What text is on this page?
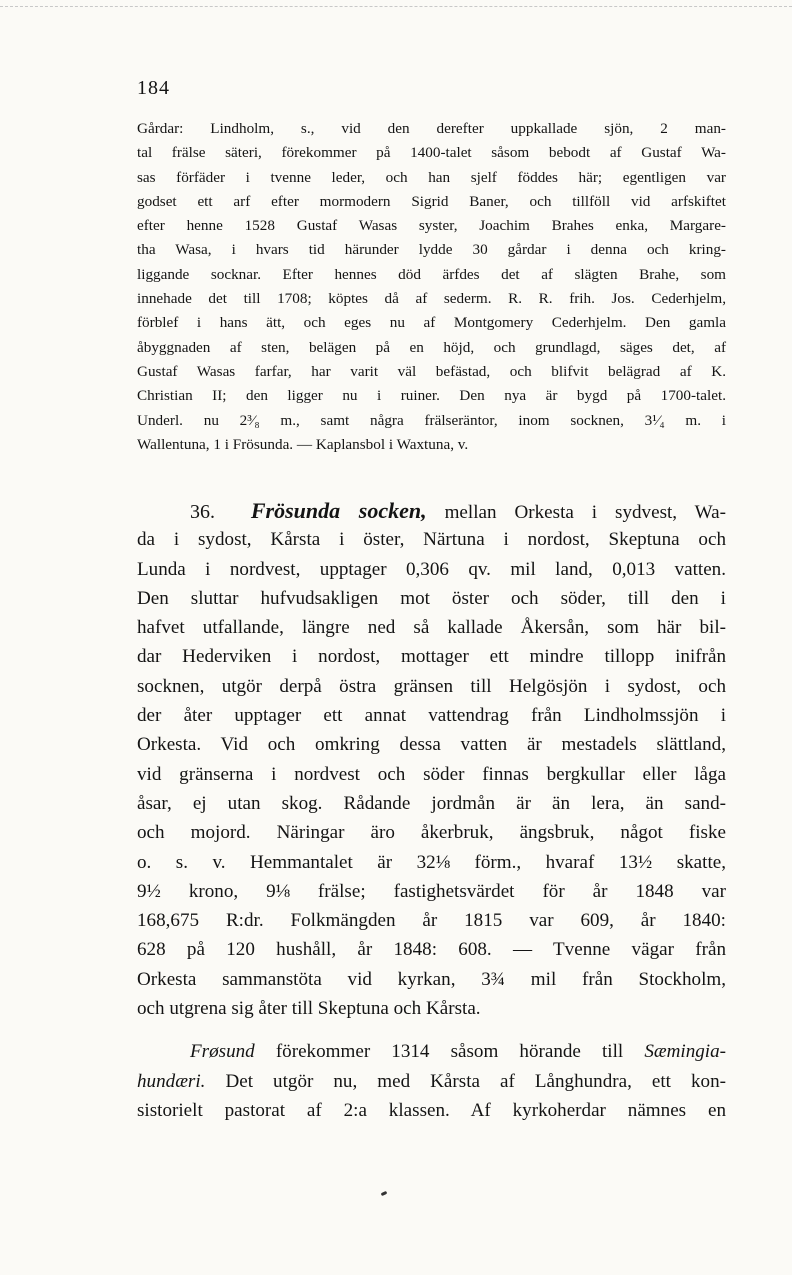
184
Gårdar: Lindholm, s., vid den derefter uppkallade sjön, 2 man-
tal frälse säteri, förekommer på 1400-talet såsom bebodt af Gustaf Wa-
sas förfäder i tvenne leder, och han sjelf föddes här; egentligen var
godset ett arf efter mormodern Sigrid Baner, och tillföll vid arfskiftet
efter henne 1528 Gustaf Wasas syster, Joachim Brahes enka, Margare-
tha Wasa, i hvars tid härunder lydde 30 gårdar i denna och kring-
liggande socknar. Efter hennes död ärfdes det af slägten Brahe, som
innehade det till 1708; köptes då af sederm. R. R. frih. Jos. Cederhjelm,
förblef i hans ätt, och eges nu af Montgomery Cederhjelm. Den gamla
åbyggnaden af sten, belägen på en höjd, och grundlagd, säges det, af
Gustaf Wasas farfar, har varit väl befästad, och blifvit belägrad af K.
Christian II; den ligger nu i ruiner. Den nya är bygd på 1700-talet.
Underl. nu 2³⁄₈ m., samt några frälseräntor, inom socknen, 3¹⁄₄ m. i
Wallentuna, 1 i Frösunda. — Kaplansbol i Waxtuna, v.
36. Frösunda socken, mellan Orkesta i sydvest, Wa-
da i sydost, Kårsta i öster, Närtuna i nordost, Skeptuna och
Lunda i nordvest, upptager 0,306 qv. mil land, 0,013 vatten.
Den sluttar hufvudsakligen mot öster och söder, till den i
hafvet utfallande, längre ned så kallade Åkersån, som här bil-
dar Hederviken i nordost, mottager ett mindre tillopp inifrån
socknen, utgör derpå östra gränsen till Helgösjön i sydost, och
der åter upptager ett annat vattendrag från Lindholmssjön i
Orkesta. Vid och omkring dessa vatten är mestadels slättland,
vid gränserna i nordvest och söder finnas bergkullar eller låga
åsar, ej utan skog. Rådande jordmån är än lera, än sand-
och mojord. Näringar äro åkerbruk, ängsbruk, något fiske
o. s. v. Hemmantalet är 32⅛ förm., hvaraf 13½ skatte,
9½ krono, 9⅛ frälse; fastighetsvärdet för år 1848 var
168,675 R:dr. Folkmängden år 1815 var 609, år 1840:
628 på 120 hushåll, år 1848: 608. — Tvenne vägar från
Orkesta sammanstöta vid kyrkan, 3¾ mil från Stockholm,
och utgrena sig åter till Skeptuna och Kårsta.
Frøsund förekommer 1314 såsom hörande till Sæmingia-
hundæri. Det utgör nu, med Kårsta af Långhundra, ett kon-
sistorielt pastorat af 2:a klassen. Af kyrkoherdar nämnes en
